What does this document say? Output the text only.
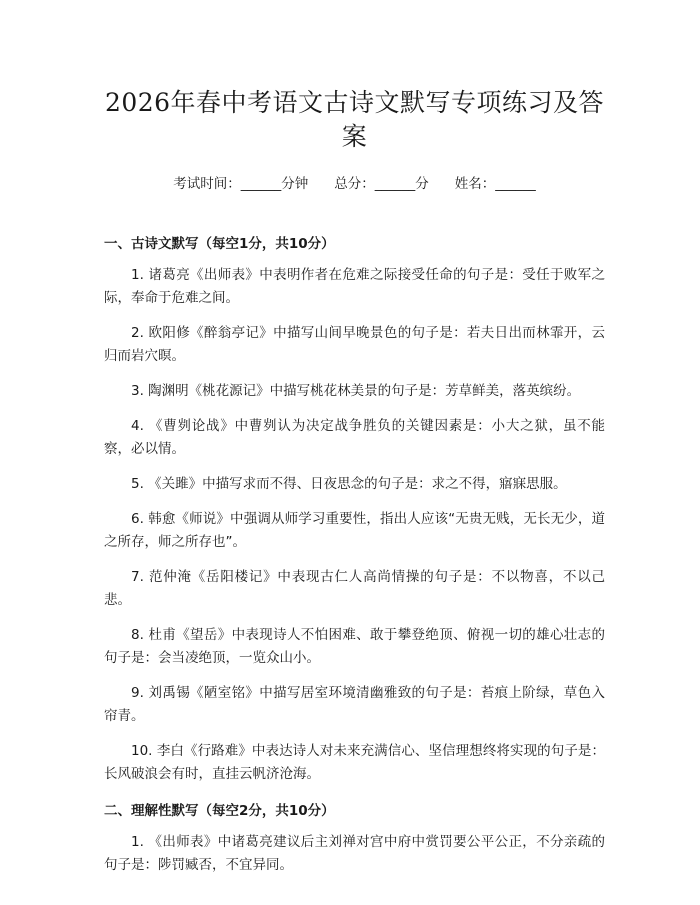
2026年春中考语文古诗文默写专项练习及答案
考试时间：______分钟 总分：______分 姓名：______
一、古诗文默写（每空1分，共10分）

1. 诸葛亮《出师表》中表明作者在危难之际接受任命的句子是：受任于败军之际，奉命于危难之间。

2. 欧阳修《醉翁亭记》中描写山间早晚景色的句子是：若夫日出而林霏开，云归而岩穴暝。

3. 陶渊明《桃花源记》中描写桃花林美景的句子是：芳草鲜美，落英缤纷。

4. 《曹刿论战》中曹刿认为决定战争胜负的关键因素是：小大之狱，虽不能察，必以情。

5. 《关雎》中描写求而不得、日夜思念的句子是：求之不得，寤寐思服。

6. 韩愈《师说》中强调从师学习重要性，指出人应该“无贵无贱，无长无少，道之所存，师之所存也”。

7. 范仲淹《岳阳楼记》中表现古仁人高尚情操的句子是：不以物喜，不以己悲。

8. 杜甫《望岳》中表现诗人不怕困难、敢于攀登绝顶、俯视一切的雄心壮志的句子是：会当凌绝顶，一览众山小。

9. 刘禹锡《陋室铭》中描写居室环境清幽雅致的句子是：苔痕上阶绿，草色入帘青。

10. 李白《行路难》中表达诗人对未来充满信心、坚信理想终将实现的句子是：长风破浪会有时，直挂云帆济沧海。

二、理解性默写（每空2分，共10分）

1. 《出师表》中诸葛亮建议后主刘禅对宫中府中赏罚要公平公正，不分亲疏的句子是：陟罚臧否，不宜异同。
